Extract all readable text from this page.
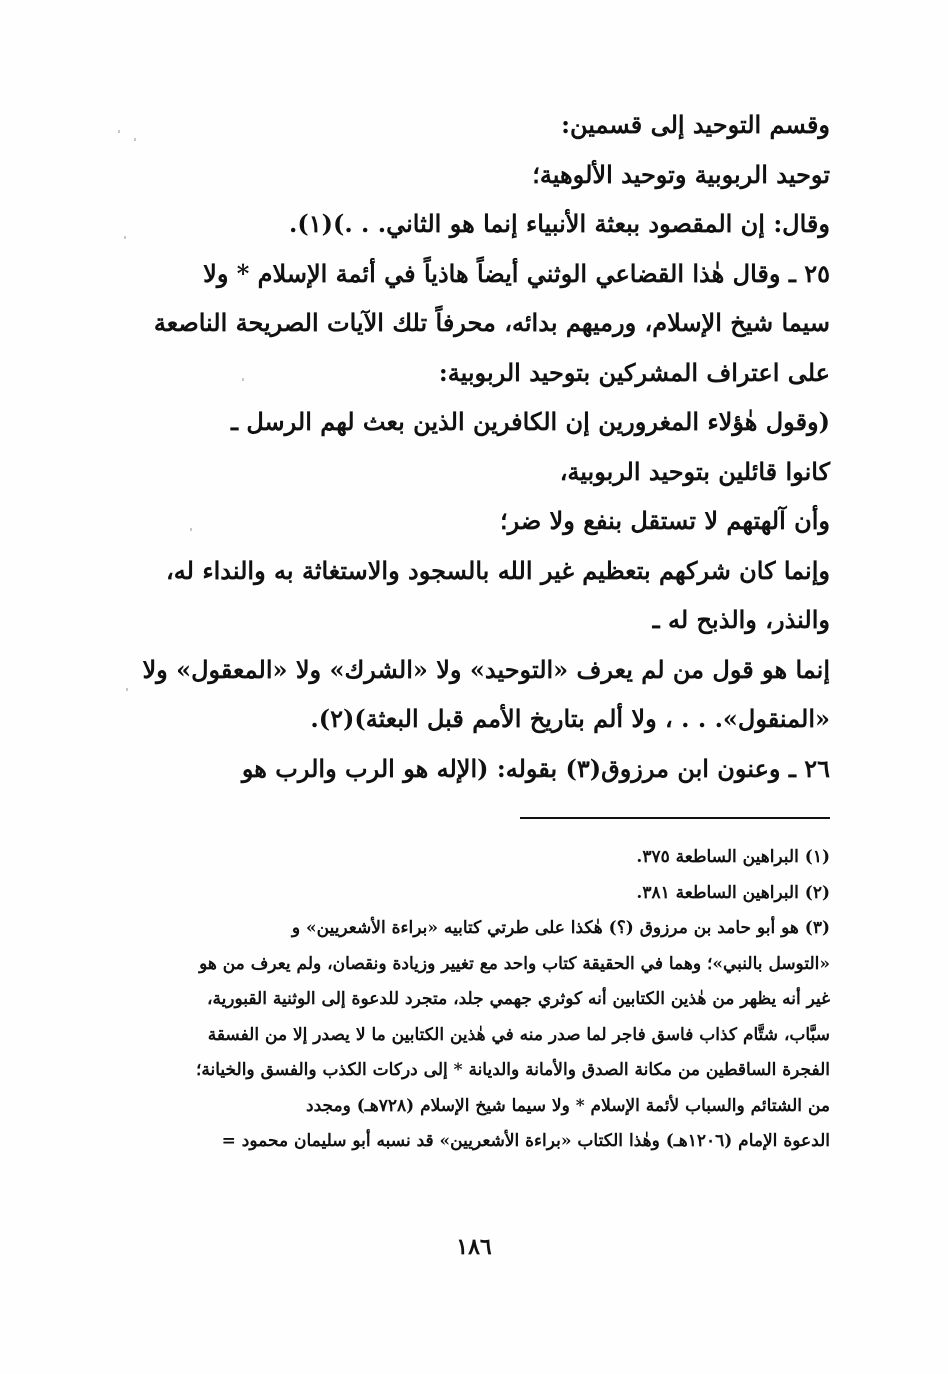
وقسم التوحيد إلى قسمين:
توحيد الربوبية وتوحيد الألوهية؛
وقال: إن المقصود ببعثة الأنبياء إنما هو الثاني. . .)(١).
٢٥ ـ وقال هٰذا القضاعي الوثني أيضاً هاذياً في أئمة الإسلام * ولا
سيما شيخ الإسلام، ورميهم بدائه، محرفاً تلك الآيات الصريحة الناصعة
على اعتراف المشركين بتوحيد الربوبية:
(وقول هٰؤلاء المغرورين إن الكافرين الذين بعث لهم الرسل ـ
كانوا قائلين بتوحيد الربوبية،
وأن آلهتهم لا تستقل بنفع ولا ضر؛
وإنما كان شركهم بتعظيم غير الله بالسجود والاستغاثة به والنداء له،
والنذر، والذبح له ـ
إنما هو قول من لم يعرف «التوحيد» ولا «الشرك» ولا «المعقول» ولا
«المنقول». . . ، ولا ألم بتاريخ الأمم قبل البعثة)(٢).
٢٦ ـ وعنون ابن مرزوق(٣) بقوله: (الإله هو الرب والرب هو
(١) البراهين الساطعة ٣٧٥.
(٢) البراهين الساطعة ٣٨١.
(٣) هو أبو حامد بن مرزوق (؟) هٰكذا على طرتي كتابيه «براءة الأشعريين» و
«التوسل بالنبي»؛ وهما في الحقيقة كتاب واحد مع تغيير وزيادة ونقصان، ولم يعرف من هو
غير أنه يظهر من هٰذين الكتابين أنه كوثري جهمي جلد، متجرد للدعوة إلى الوثنية القبورية،
سبَّاب، شتَّام كذاب فاسق فاجر لما صدر منه في هٰذين الكتابين ما لا يصدر إلا من الفسقة
الفجرة الساقطين من مكانة الصدق والأمانة والديانة * إلى دركات الكذب والفسق والخيانة؛
من الشتائم والسباب لأئمة الإسلام * ولا سيما شيخ الإسلام (٧٢٨هـ) ومجدد
الدعوة الإمام (١٢٠٦هـ) وهٰذا الكتاب «براءة الأشعريين» قد نسبه أبو سليمان محمود =
١٨٦
